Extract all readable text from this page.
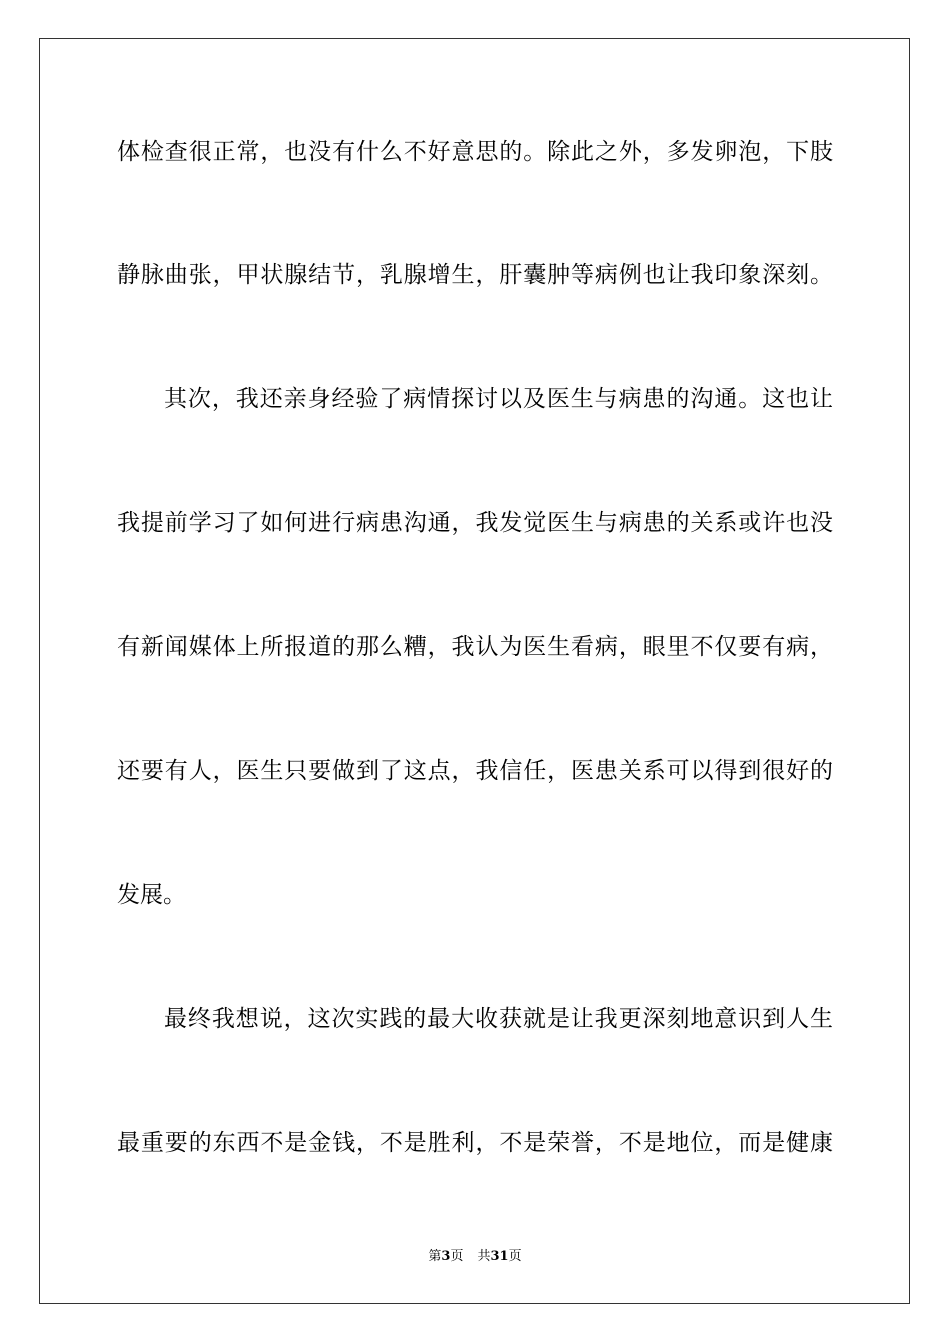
体检查很正常，也没有什么不好意思的。除此之外，多发卵泡，下肢
静脉曲张，甲状腺结节，乳腺增生，肝囊肿等病例也让我印象深刻。
其次，我还亲身经验了病情探讨以及医生与病患的沟通。这也让
我提前学习了如何进行病患沟通，我发觉医生与病患的关系或许也没
有新闻媒体上所报道的那么糟，我认为医生看病，眼里不仅要有病，
还要有人，医生只要做到了这点，我信任，医患关系可以得到很好的
发展。
最终我想说，这次实践的最大收获就是让我更深刻地意识到人生
最重要的东西不是金钱，不是胜利，不是荣誉，不是地位，而是健康
第3页 共31页
